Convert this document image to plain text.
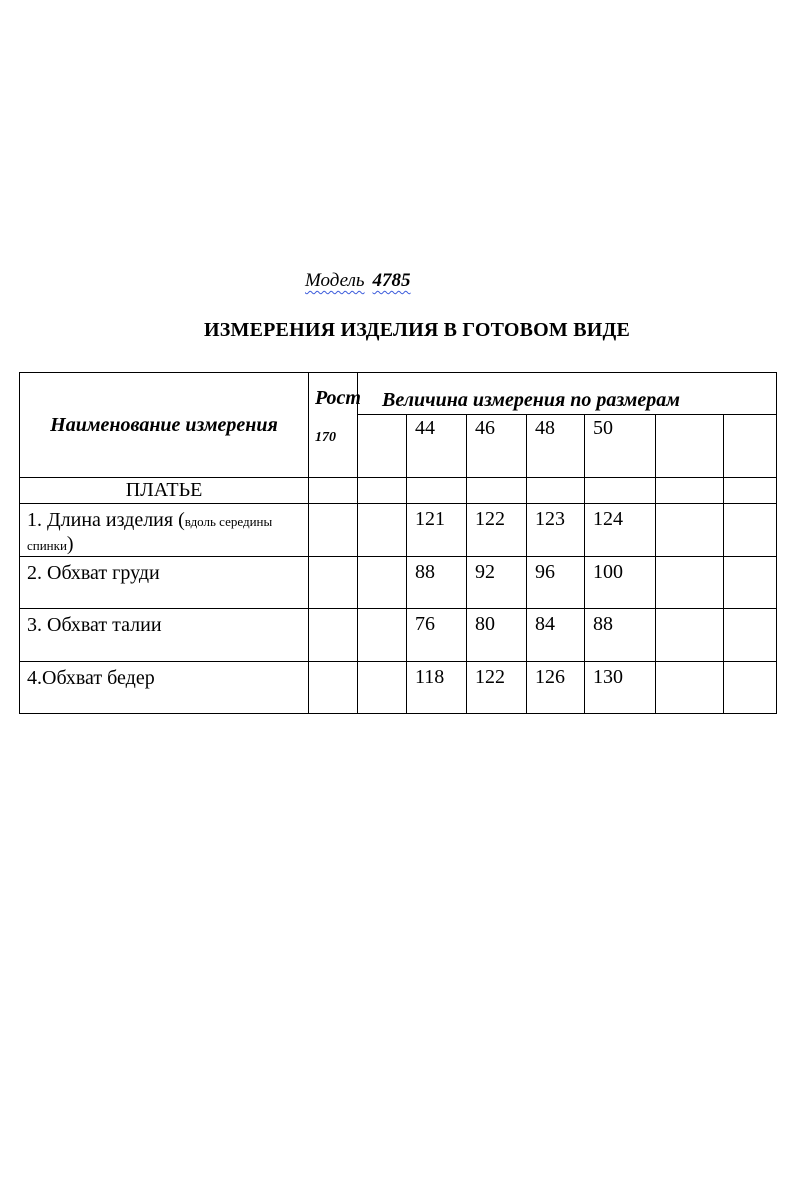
Модель 4785
ИЗМЕРЕНИЯ ИЗДЕЛИЯ В ГОТОВОМ ВИДЕ
Наименование измерения	Рост
170	Величина измерения по размерам						
			44	46	48	50		
ПЛАТЬЕ								
1. Длина изделия (вдоль середины спинки)			121	122	123	124		
2. Обхват груди			88	92	96	100		
3. Обхват талии			76	80	84	88		
4.Обхват бедер			118	122	126	130		
